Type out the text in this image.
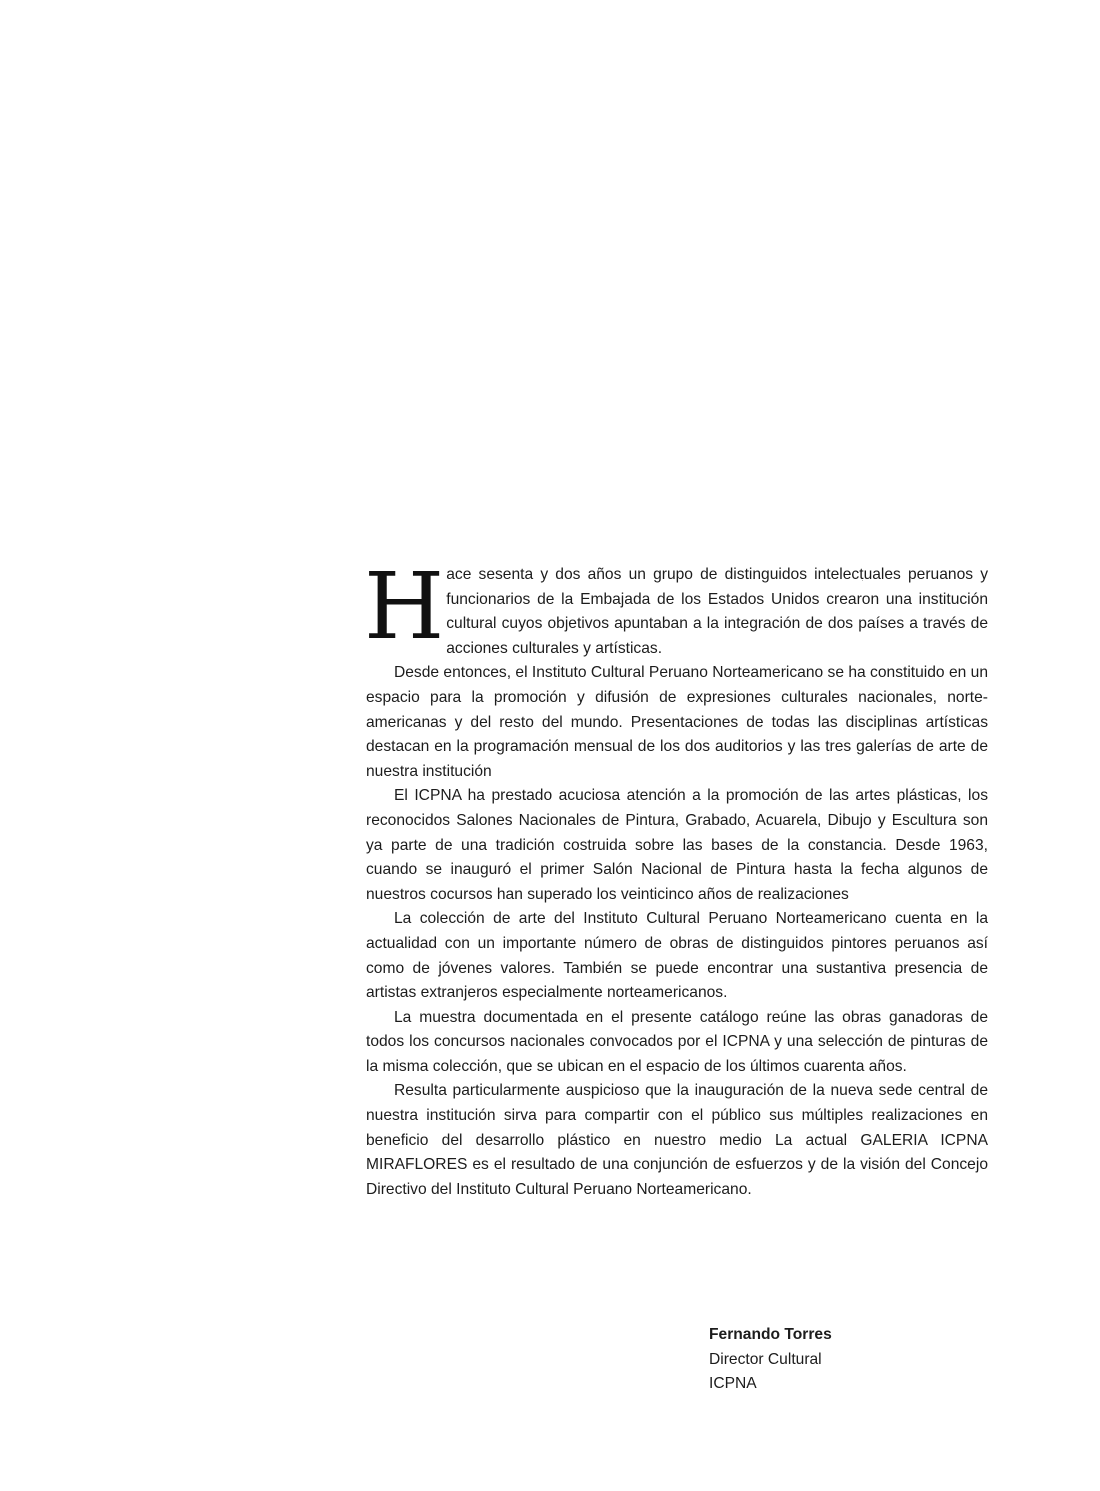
Hace sesenta y dos años un grupo de distinguidos intelectuales peruanos y funcionarios de la Embajada de los Estados Unidos crearon una institución cultural cuyos objetivos apuntaban a la integración de dos países a través de acciones culturales y artísticas.

Desde entonces, el Instituto Cultural Peruano Norteamericano se ha constituido en un espacio para la promoción y difusión de expresiones culturales nacionales, norte-americanas y del resto del mundo. Presentaciones de todas las disciplinas artísticas destacan en la programación mensual de los dos auditorios y las tres galerías de arte de nuestra institución

El ICPNA ha prestado acuciosa atención a la promoción de las artes plásticas, los reconocidos Salones Nacionales de Pintura, Grabado, Acuarela, Dibujo y Escultura son ya parte de una tradición costruida sobre las bases de la constancia. Desde 1963, cuando se inauguró el primer Salón Nacional de Pintura hasta la fecha algunos de nuestros cocursos han superado los veinticinco años de realizaciones

La colección de arte del Instituto Cultural Peruano Norteamericano cuenta en la actualidad con un importante número de obras de distinguidos pintores peruanos así como de jóvenes valores. También se puede encontrar una sustantiva presencia de artistas extranjeros especialmente norteamericanos.

La muestra documentada en el presente catálogo reúne las obras ganadoras de todos los concursos nacionales convocados por el ICPNA y una selección de pinturas de la misma colección, que se ubican en el espacio de los últimos cuarenta años.

Resulta particularmente auspicioso que la inauguración de la nueva sede central de nuestra institución sirva para compartir con el público sus múltiples realizaciones en beneficio del desarrollo plástico en nuestro medio La actual GALERIA ICPNA MIRAFLORES es el resultado de una conjunción de esfuerzos y de la visión del Concejo Directivo del Instituto Cultural Peruano Norteamericano.

Fernando Torres
Director Cultural
ICPNA
